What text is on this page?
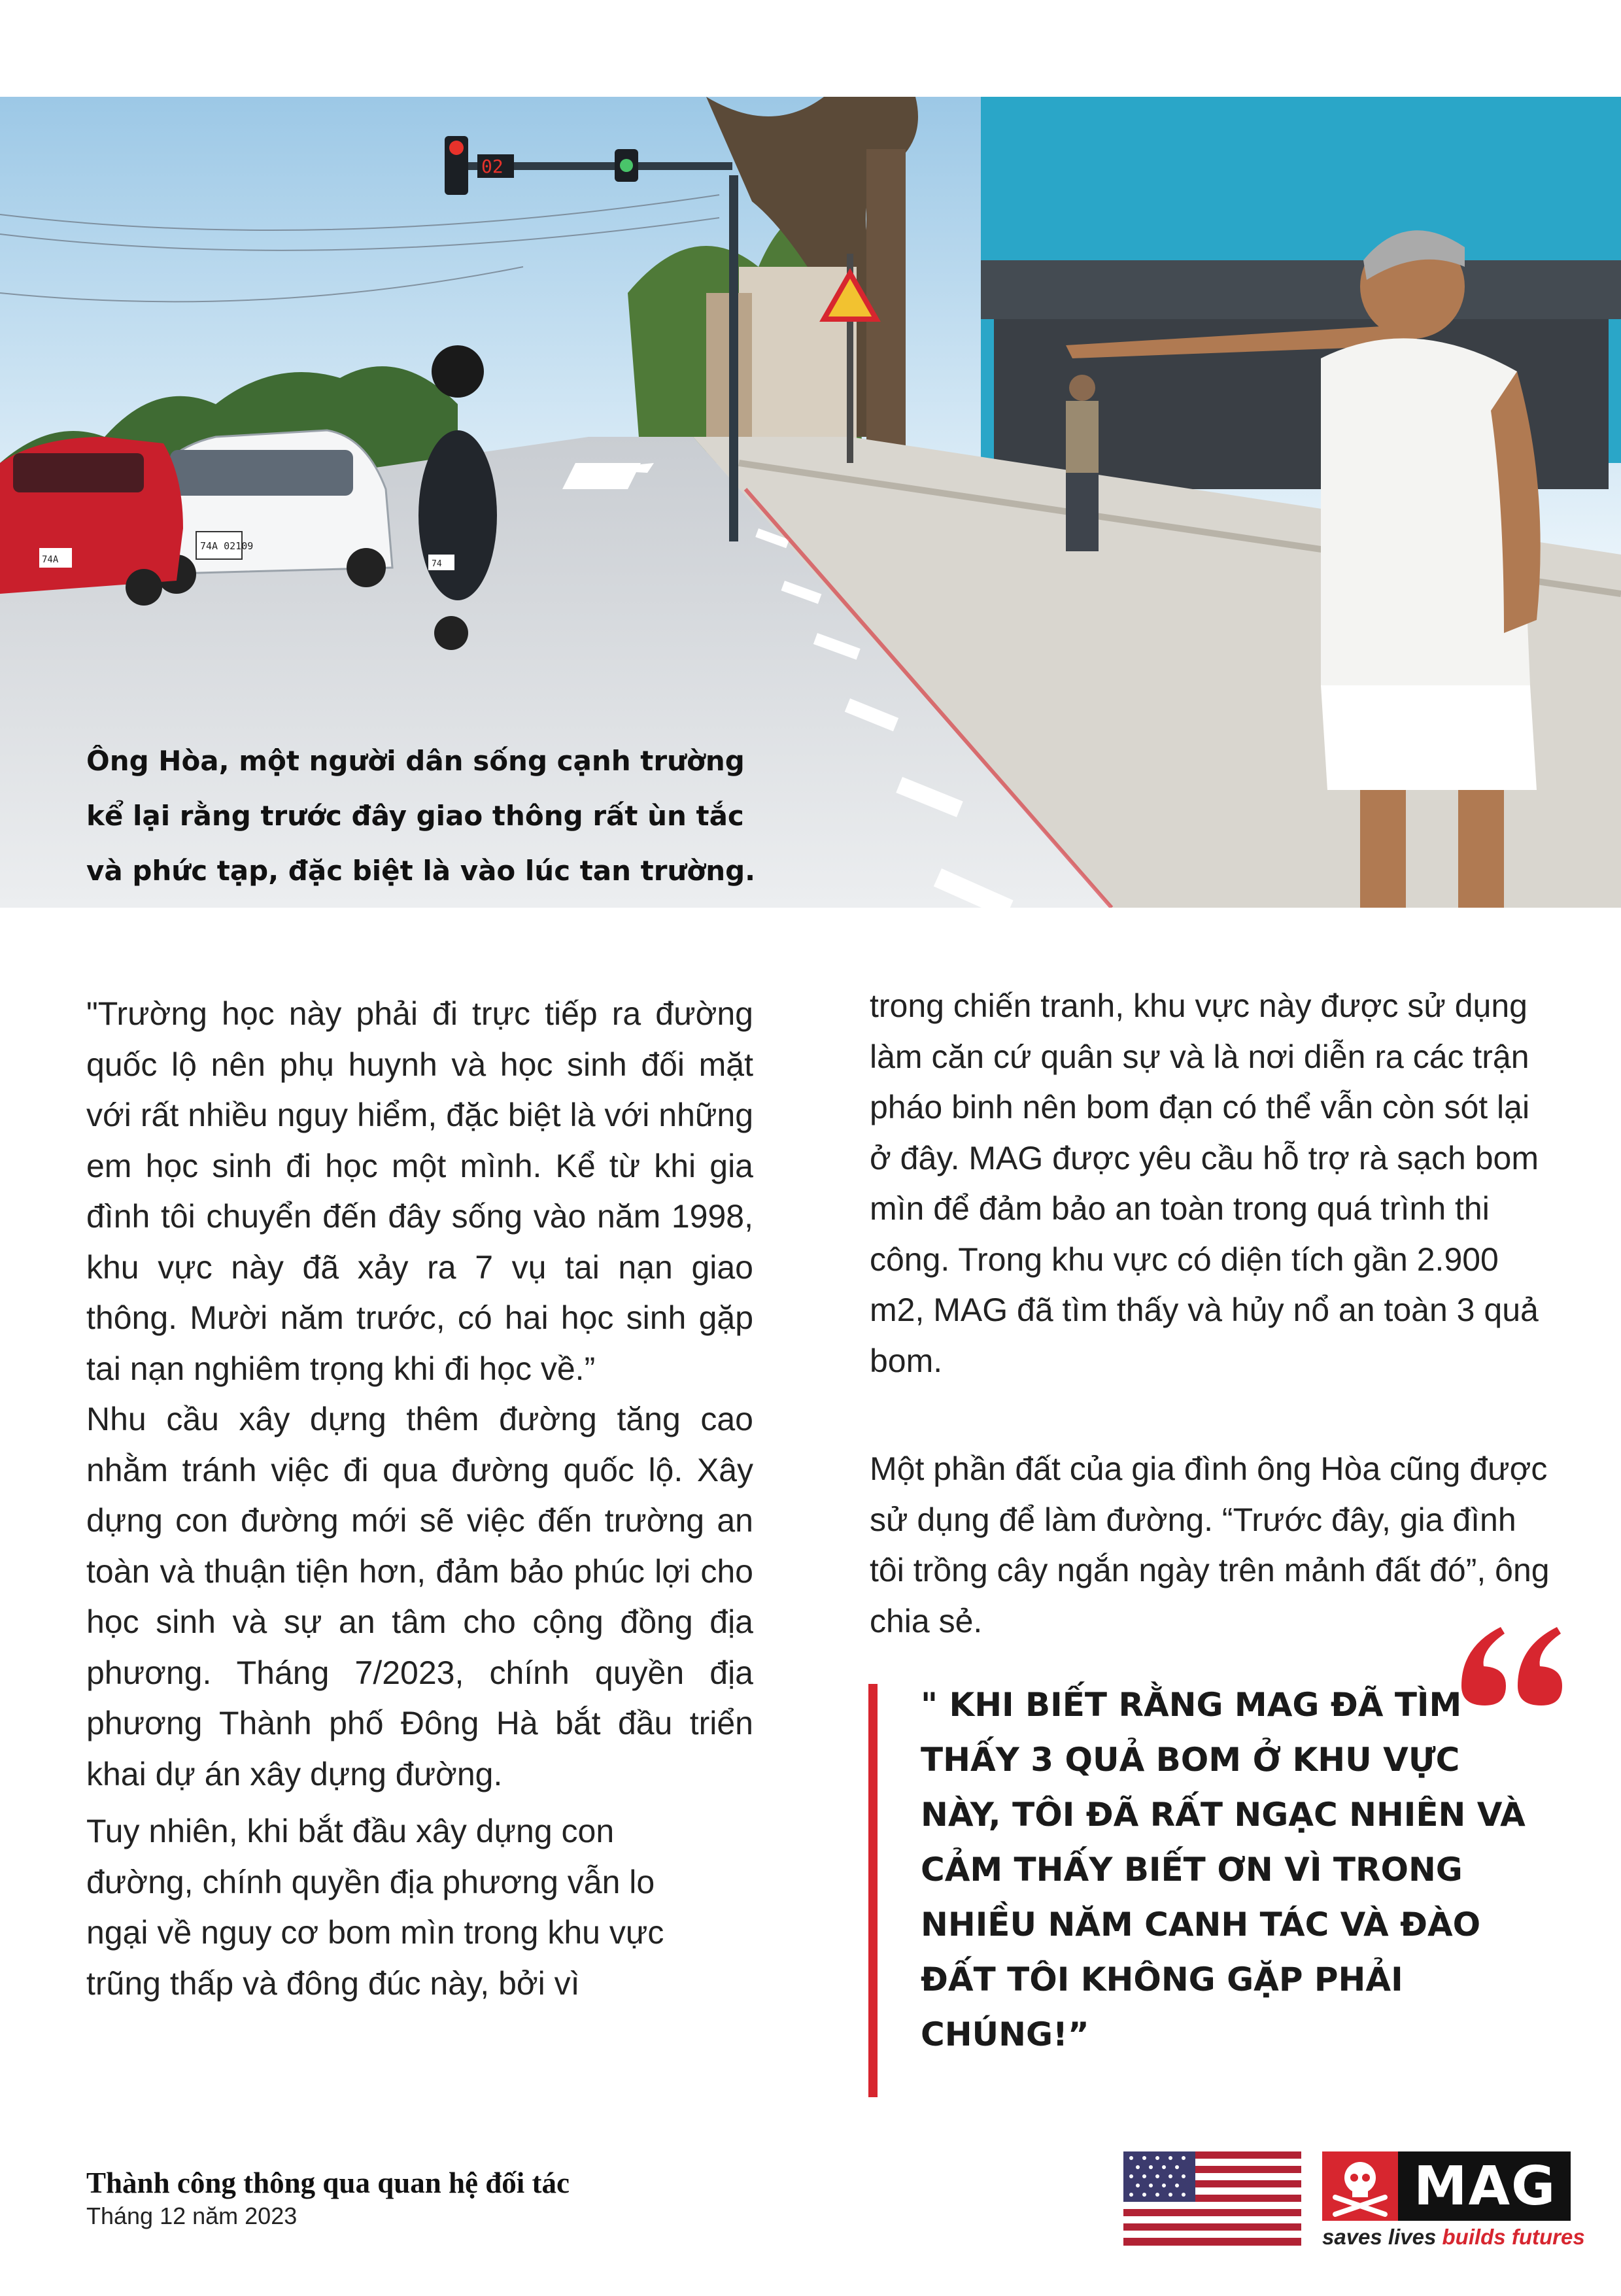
02
74A 02109
74A	74
Ông Hòa, một người dân sống cạnh trường kể lại rằng trước đây giao thông rất ùn tắc và phức tạp, đặc biệt là vào lúc tan trường.

"Trường học này phải đi trực tiếp ra đường quốc lộ nên phụ huynh và học sinh đối mặt với rất nhiều nguy hiểm, đặc biệt là với những em học sinh đi học một mình. Kể từ khi gia đình tôi chuyển đến đây sống vào năm 1998, khu vực này đã xảy ra 7 vụ tai nạn giao thông. Mười năm trước, có hai học sinh gặp tai nạn nghiêm trọng khi đi học về.”

Nhu cầu xây dựng thêm đường tăng cao nhằm tránh việc đi qua đường quốc lộ. Xây dựng con đường mới sẽ việc đến trường an toàn và thuận tiện hơn, đảm bảo phúc lợi cho học sinh và sự an tâm cho cộng đồng địa phương. Tháng 7/2023, chính quyền địa phương Thành phố Đông Hà bắt đầu triển khai dự án xây dựng đường.

Tuy nhiên, khi bắt đầu xây dựng con đường, chính quyền địa phương vẫn lo ngại về nguy cơ bom mìn trong khu vực trũng thấp và đông đúc này, bởi vì

trong chiến tranh, khu vực này được sử dụng làm căn cứ quân sự và là nơi diễn ra các trận pháo binh nên bom đạn có thể vẫn còn sót lại ở đây. MAG được yêu cầu hỗ trợ rà sạch bom mìn để đảm bảo an toàn trong quá trình thi công. Trong khu vực có diện tích gần 2.900 m2, MAG đã tìm thấy và hủy nổ an toàn 3 quả bom.

Một phần đất của gia đình ông Hòa cũng được sử dụng để làm đường. “Trước đây, gia đình tôi trồng cây ngắn ngày trên mảnh đất đó”, ông chia sẻ.

" KHI BIẾT RẰNG MAG ĐÃ TÌM THẤY 3 QUẢ BOM Ở KHU VỰC NÀY, TÔI ĐÃ RẤT NGẠC NHIÊN VÀ CẢM THẤY BIẾT ƠN VÌ TRONG NHIỀU NĂM CANH TÁC VÀ ĐÀO ĐẤT TÔI KHÔNG GẶP PHẢI CHÚNG!”
Thành công thông qua quan hệ đối tác
Tháng 12 năm 2023	MAG
saves lives builds futures
